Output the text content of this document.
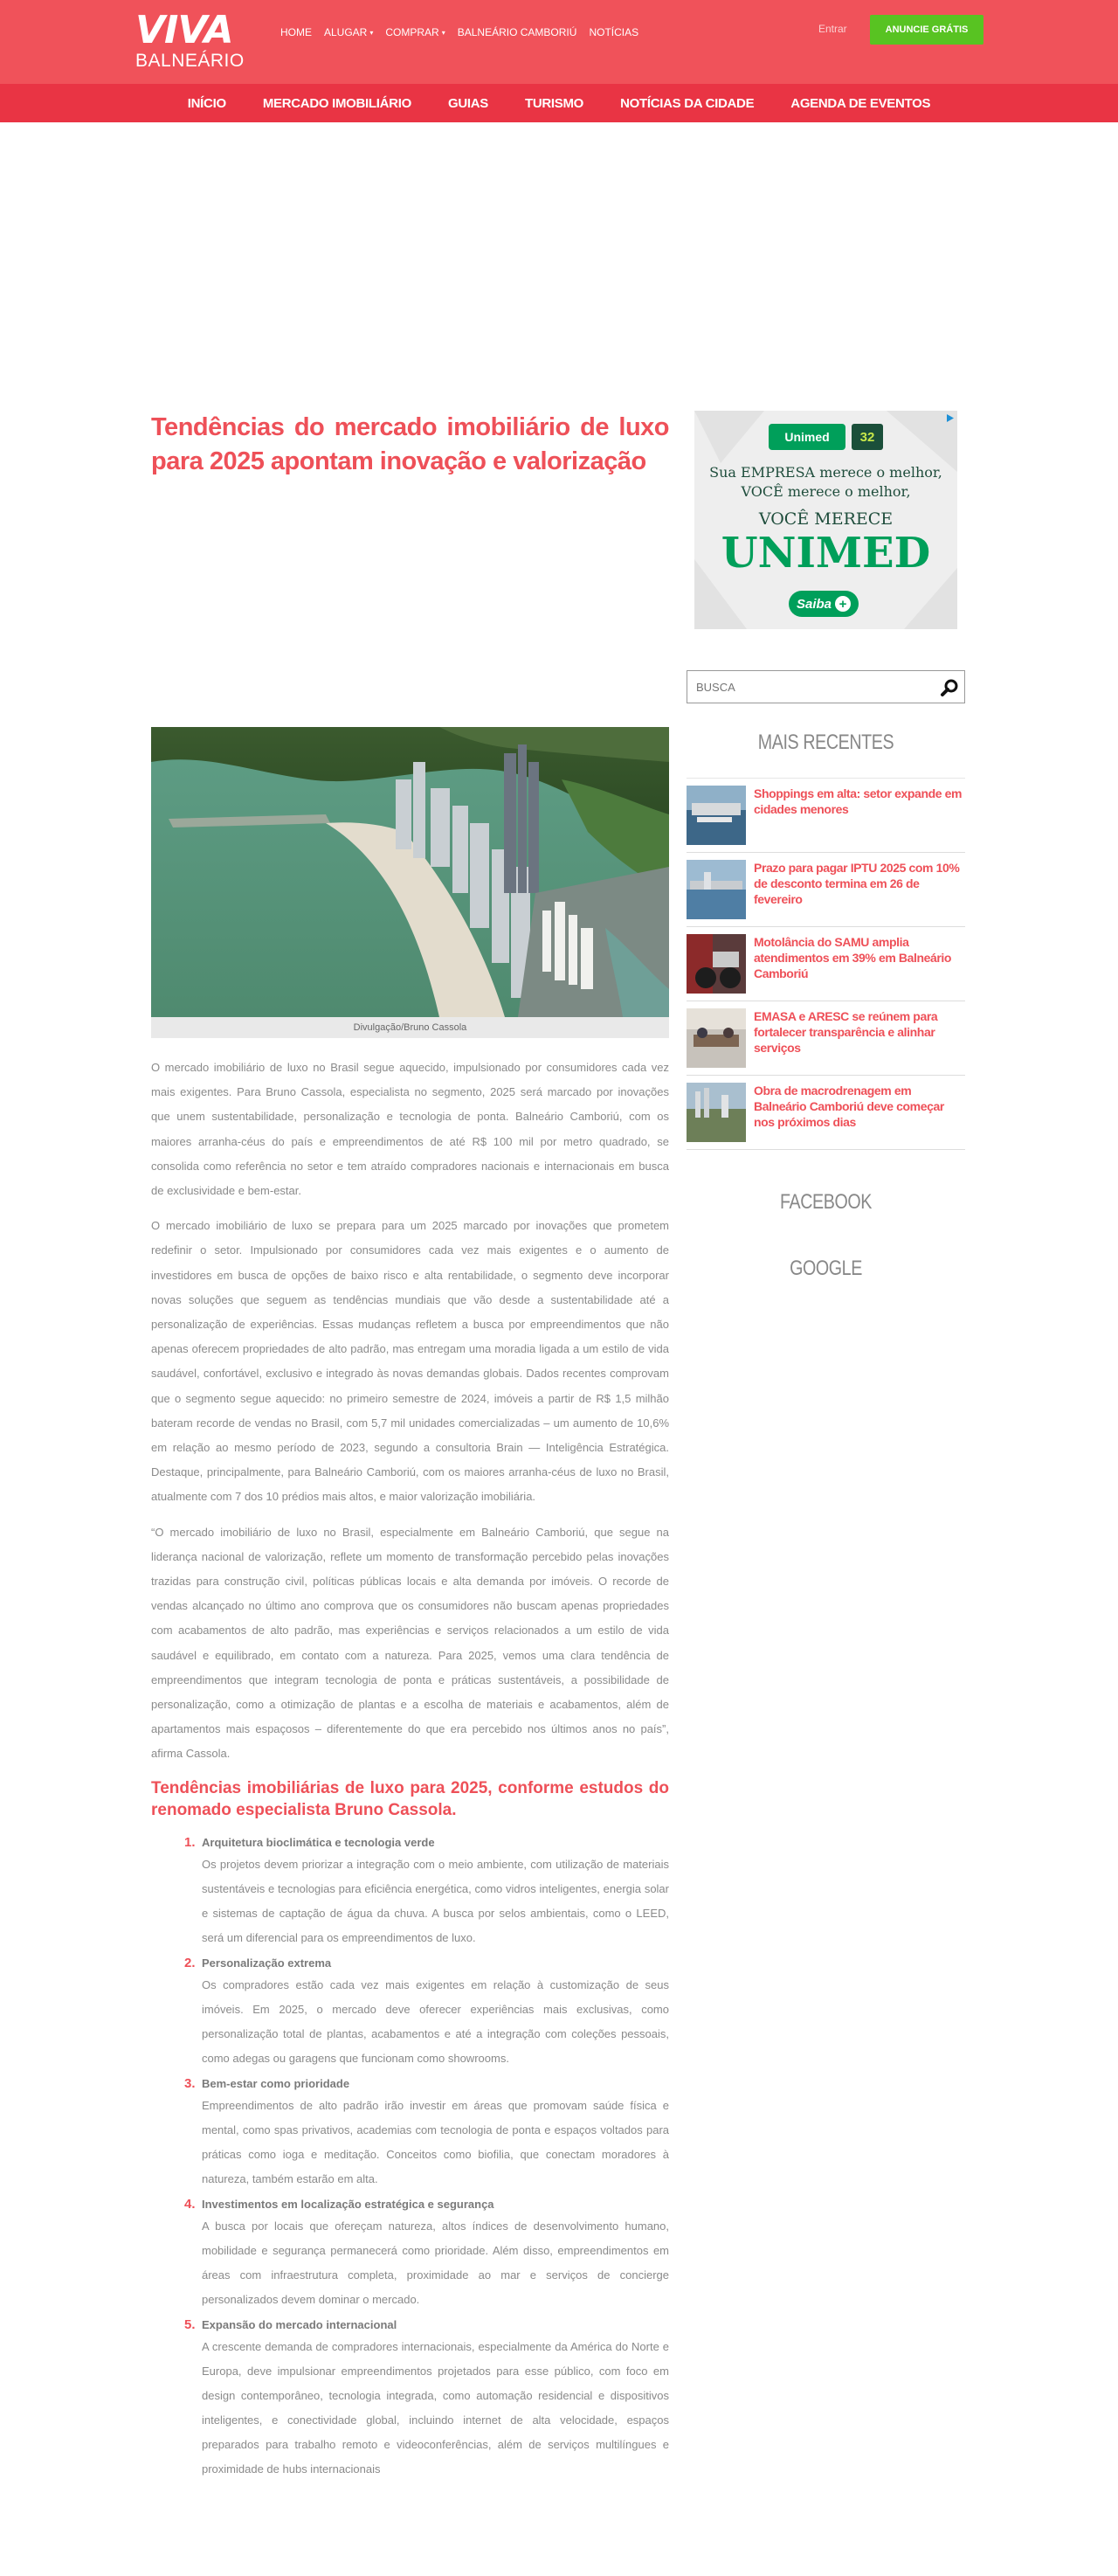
VIVA
BALNEÁRIO
HOME ALUGAR ▾ COMPRAR ▾ BALNEÁRIO CAMBORIÚ NOTÍCIAS	Entrar	ANUNCIE GRÁTIS
INÍCIO	MERCADO IMOBILIÁRIO	GUIAS	TURISMO	NOTÍCIAS DA CIDADE	AGENDA DE EVENTOS
Tendências do mercado imobiliário de luxo para 2025 apontam inovação e valorização
Divulgação/Bruno Cassola

O mercado imobiliário de luxo no Brasil segue aquecido, impulsionado por consumidores cada vez mais exigentes. Para Bruno Cassola, especialista no segmento, 2025 será marcado por inovações que unem sustentabilidade, personalização e tecnologia de ponta. Balneário Camboriú, com os maiores arranha-céus do país e empreendimentos de até R$ 100 mil por metro quadrado, se consolida como referência no setor e tem atraído compradores nacionais e internacionais em busca de exclusividade e bem-estar.

O mercado imobiliário de luxo se prepara para um 2025 marcado por inovações que prometem redefinir o setor. Impulsionado por consumidores cada vez mais exigentes e o aumento de investidores em busca de opções de baixo risco e alta rentabilidade, o segmento deve incorporar novas soluções que seguem as tendências mundiais que vão desde a sustentabilidade até a personalização de experiências. Essas mudanças refletem a busca por empreendimentos que não apenas oferecem propriedades de alto padrão, mas entregam uma moradia ligada a um estilo de vida saudável, confortável, exclusivo e integrado às novas demandas globais. Dados recentes comprovam que o segmento segue aquecido: no primeiro semestre de 2024, imóveis a partir de R$ 1,5 milhão bateram recorde de vendas no Brasil, com 5,7 mil unidades comercializadas – um aumento de 10,6% em relação ao mesmo período de 2023, segundo a consultoria Brain — Inteligência Estratégica. Destaque, principalmente, para Balneário Camboriú, com os maiores arranha-céus de luxo no Brasil, atualmente com 7 dos 10 prédios mais altos, e maior valorização imobiliária.

“O mercado imobiliário de luxo no Brasil, especialmente em Balneário Camboriú, que segue na liderança nacional de valorização, reflete um momento de transformação percebido pelas inovações trazidas para construção civil, políticas públicas locais e alta demanda por imóveis. O recorde de vendas alcançado no último ano comprova que os consumidores não buscam apenas propriedades com acabamentos de alto padrão, mas experiências e serviços relacionados a um estilo de vida saudável e equilibrado, em contato com a natureza. Para 2025, vemos uma clara tendência de empreendimentos que integram tecnologia de ponta e práticas sustentáveis, a possibilidade de personalização, como a otimização de plantas e a escolha de materiais e acabamentos, além de apartamentos mais espaçosos – diferentemente do que era percebido nos últimos anos no país”, afirma Cassola.

Tendências imobiliárias de luxo para 2025, conforme estudos do renomado especialista Bruno Cassola.
1. Arquitetura bioclimática e tecnologia verde
Os projetos devem priorizar a integração com o meio ambiente, com utilização de materiais sustentáveis e tecnologias para eficiência energética, como vidros inteligentes, energia solar e sistemas de captação de água da chuva. A busca por selos ambientais, como o LEED, será um diferencial para os empreendimentos de luxo.
2. Personalização extrema
Os compradores estão cada vez mais exigentes em relação à customização de seus imóveis. Em 2025, o mercado deve oferecer experiências mais exclusivas, como personalização total de plantas, acabamentos e até a integração com coleções pessoais, como adegas ou garagens que funcionam como showrooms.
3. Bem-estar como prioridade
Empreendimentos de alto padrão irão investir em áreas que promovam saúde física e mental, como spas privativos, academias com tecnologia de ponta e espaços voltados para práticas como ioga e meditação. Conceitos como biofilia, que conectam moradores à natureza, também estarão em alta.
4. Investimentos em localização estratégica e segurança
A busca por locais que ofereçam natureza, altos índices de desenvolvimento humano, mobilidade e segurança permanecerá como prioridade. Além disso, empreendimentos em áreas com infraestrutura completa, proximidade ao mar e serviços de concierge personalizados devem dominar o mercado.
5. Expansão do mercado internacional
A crescente demanda de compradores internacionais, especialmente da América do Norte e Europa, deve impulsionar empreendimentos projetados para esse público, com foco em design contemporâneo, tecnologia integrada, como automação residencial e dispositivos inteligentes, e conectividade global, incluindo internet de alta velocidade, espaços preparados para trabalho remoto e videoconferências, além de serviços multilíngues e proximidade de hubs internacionais
Unimed	32
Sua EMPRESA merece o melhor,
VOCÊ merece o melhor,
VOCÊ MERECE
UNIMED
Saiba +
BUSCA
MAIS RECENTES
Shoppings em alta: setor expande em cidades menores
Prazo para pagar IPTU 2025 com 10% de desconto termina em 26 de fevereiro
Motolância do SAMU amplia atendimentos em 39% em Balneário Camboriú
EMASA e ARESC se reúnem para fortalecer transparência e alinhar serviços
Obra de macrodrenagem em Balneário Camboriú deve começar nos próximos dias
FACEBOOK
GOOGLE
